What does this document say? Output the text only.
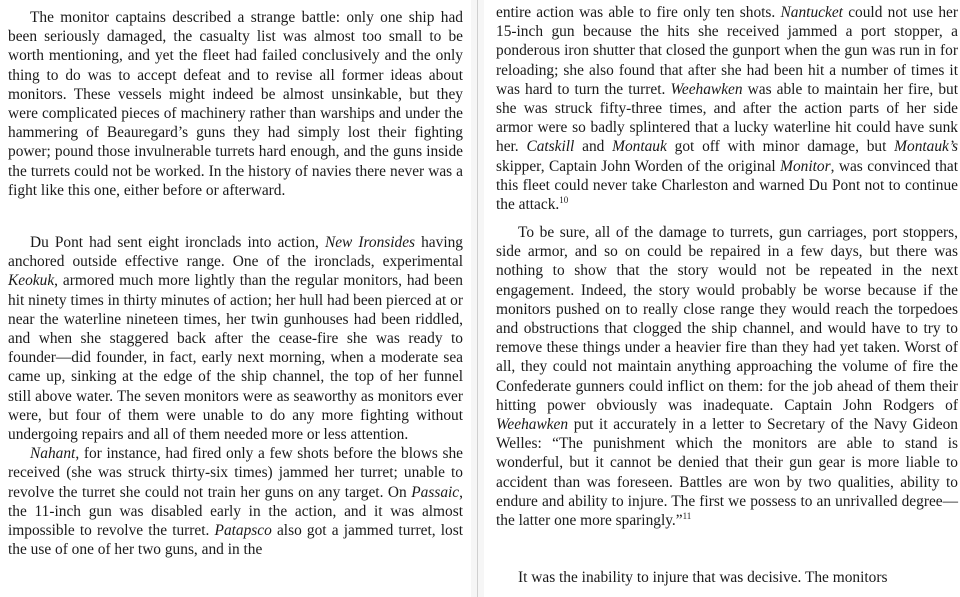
The monitor captains described a strange battle: only one ship had been seriously damaged, the casualty list was almost too small to be worth mentioning, and yet the fleet had failed conclusively and the only thing to do was to accept defeat and to revise all former ideas about monitors. These vessels might indeed be almost unsinkable, but they were complicated pieces of machinery rather than warships and under the hammering of Beauregard’s guns they had simply lost their fighting power; pound those invulnerable turrets hard enough, and the guns inside the turrets could not be worked. In the history of navies there never was a fight like this one, either before or afterward.

Du Pont had sent eight ironclads into action, New Ironsides having anchored outside effective range. One of the ironclads, experimental Keokuk, armored much more lightly than the regular monitors, had been hit ninety times in thirty minutes of action; her hull had been pierced at or near the waterline nineteen times, her twin gunhouses had been riddled, and when she staggered back after the cease-fire she was ready to founder—did founder, in fact, early next morning, when a moderate sea came up, sinking at the edge of the ship channel, the top of her funnel still above water. The seven monitors were as seaworthy as monitors ever were, but four of them were unable to do any more fighting without undergoing repairs and all of them needed more or less attention.
Nahant, for instance, had fired only a few shots before the blows she received (she was struck thirty-six times) jammed her turret; unable to revolve the turret she could not train her guns on any target. On Passaic, the 11-inch gun was disabled early in the action, and it was almost impossible to revolve the turret. Patapsco also got a jammed turret, lost the use of one of her two guns, and in the

entire action was able to fire only ten shots. Nantucket could not use her 15-inch gun because the hits she received jammed a port stopper, a ponderous iron shutter that closed the gunport when the gun was run in for reloading; she also found that after she had been hit a number of times it was hard to turn the turret. Weehawken was able to maintain her fire, but she was struck fifty-three times, and after the action parts of her side armor were so badly splintered that a lucky waterline hit could have sunk her. Catskill and Montauk got off with minor damage, but Montauk’s skipper, Captain John Worden of the original Monitor, was convinced that this fleet could never take Charleston and warned Du Pont not to continue the attack.$^{10}$

To be sure, all of the damage to turrets, gun carriages, port stoppers, side armor, and so on could be repaired in a few days, but there was nothing to show that the story would not be repeated in the next engagement. Indeed, the story would probably be worse because if the monitors pushed on to really close range they would reach the torpedoes and obstructions that clogged the ship channel, and would have to try to remove these things under a heavier fire than they had yet taken. Worst of all, they could not maintain anything approaching the volume of fire the Confederate gunners could inflict on them: for the job ahead of them their hitting power obviously was inadequate. Captain John Rodgers of Weehawken put it accurately in a letter to Secretary of the Navy Gideon Welles: “The punishment which the monitors are able to stand is wonderful, but it cannot be denied that their gun gear is more liable to accident than was foreseen. Battles are won by two qualities, ability to endure and ability to injure. The first we possess to an unrivalled degree—the latter one more sparingly.”$^{11}$

It was the inability to injure that was decisive. The monitors
